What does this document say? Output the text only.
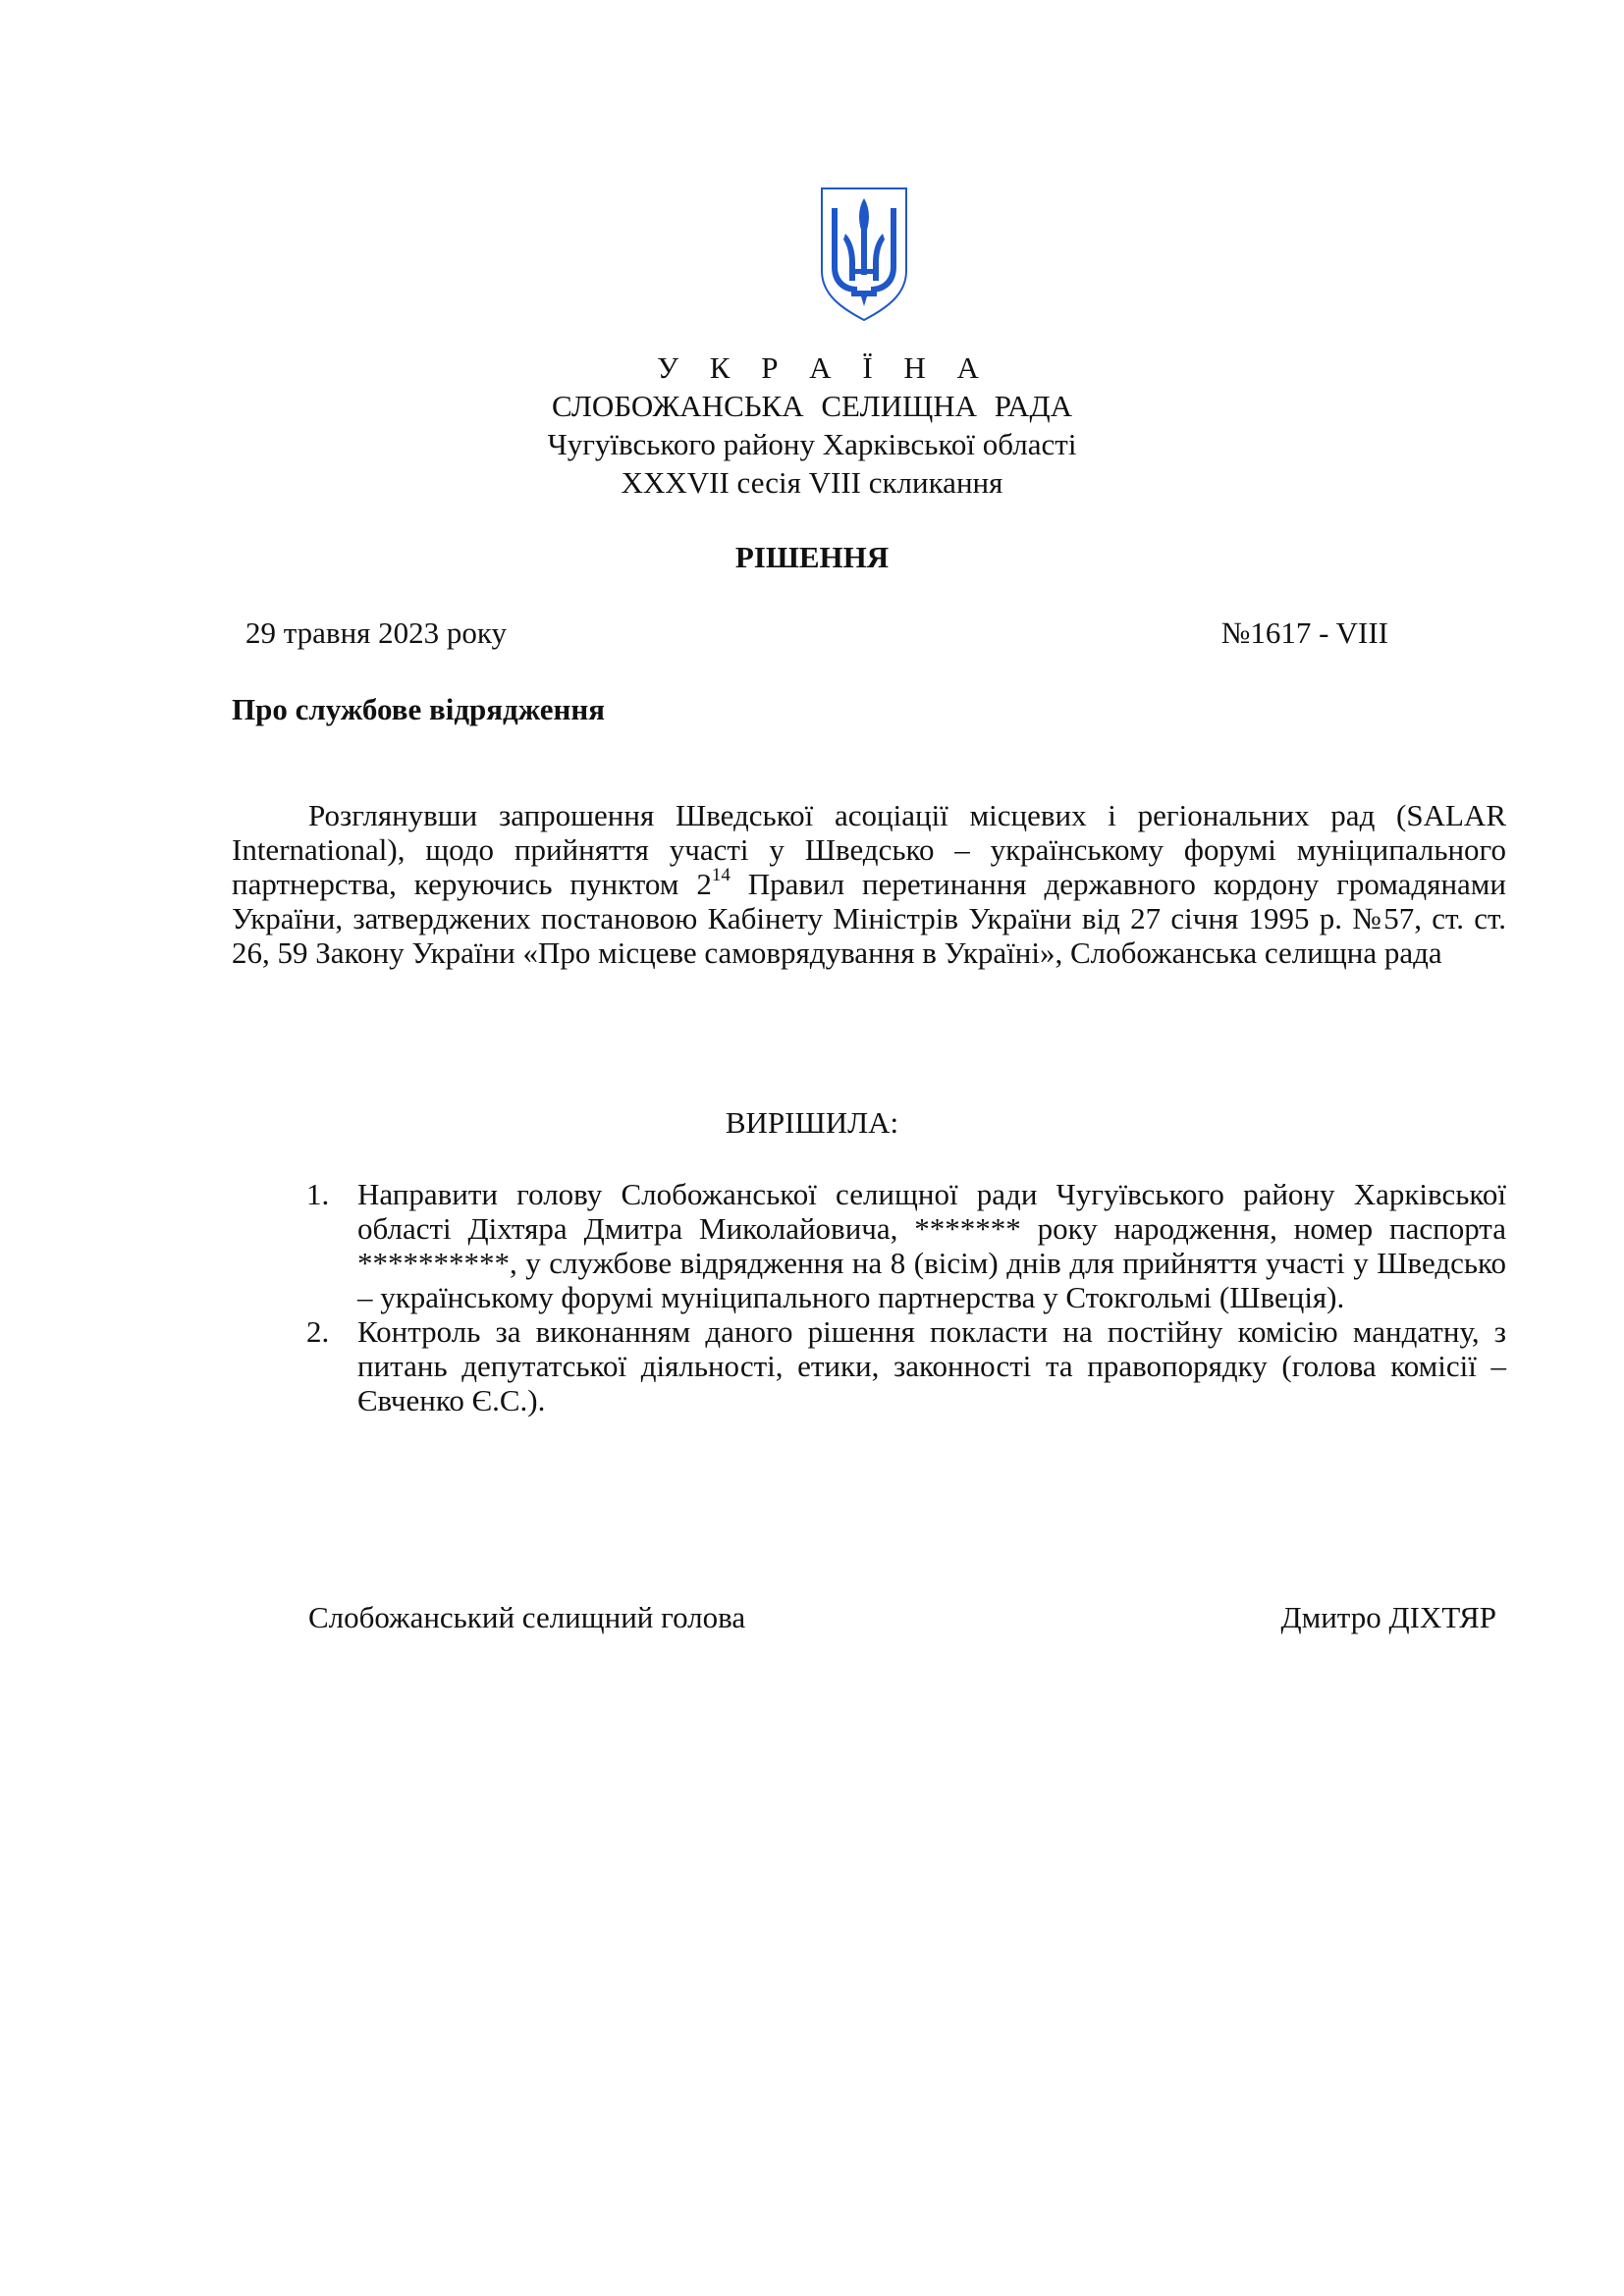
У К Р А Ї Н А
СЛОБОЖАНСЬКА СЕЛИЩНА РАДА
Чугуївського району Харківської області
XXXVII сесія VIII скликання
РІШЕННЯ
29 травня 2023 року	№1617 - VIII
Про службове відрядження

Розглянувши запрошення Шведської асоціації місцевих і регіональних рад (SALAR International), щодо прийняття участі у Шведсько – українському форумі муніципального партнерства, керуючись пунктом $2^{14}$ Правил перетинання державного кордону громадянами України, затверджених постановою Кабінету Міністрів України від 27 січня 1995 р. №57, ст. ст. 26, 59 Закону України «Про місцеве самоврядування в Україні», Слобожанська селищна рада

ВИРІШИЛА:
1. Направити голову Слобожанської селищної ради Чугуївського району Харківської області Діхтяра Дмитра Миколайовича, ******* року народження, номер паспорта **********, у службове відрядження на 8 (вісім) днів для прийняття участі у Шведсько – українському форумі муніципального партнерства у Стокгольмі (Швеція).
2. Контроль за виконанням даного рішення покласти на постійну комісію мандатну, з питань депутатської діяльності, етики, законності та правопорядку (голова комісії – Євченко Є.С.).
Слобожанський селищний голова	Дмитро ДІХТЯР
